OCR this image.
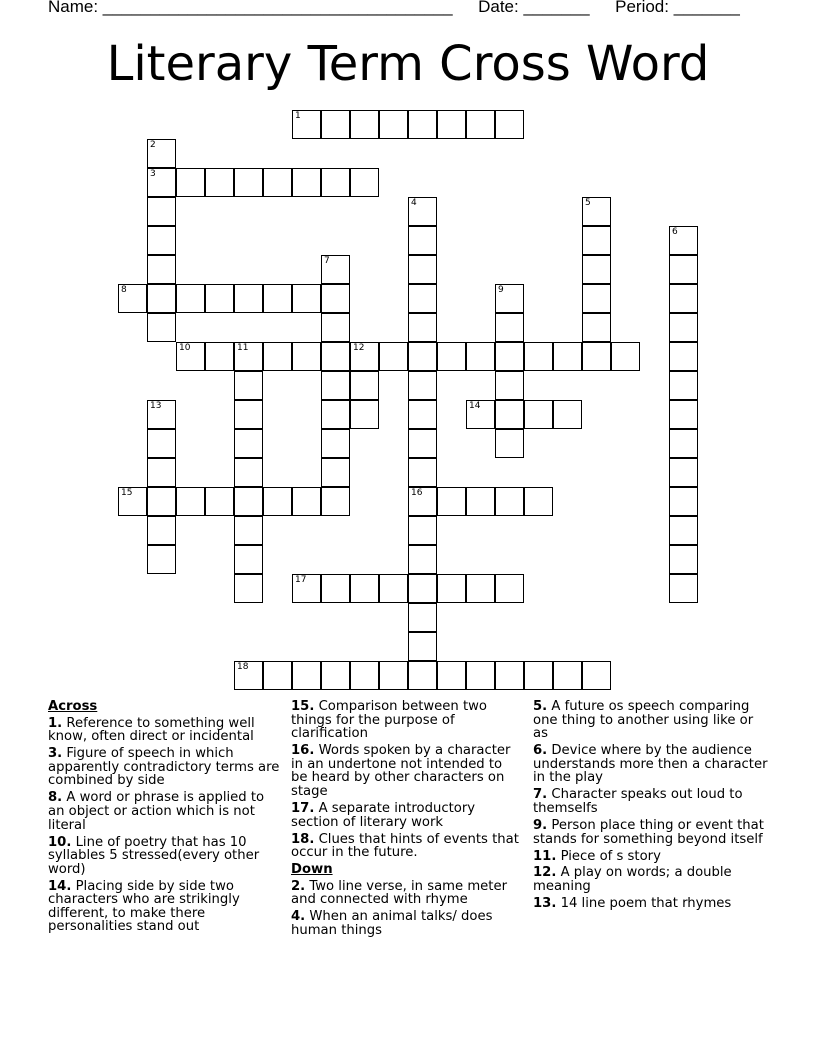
Name: _____________________________________ Date: _______ Period: _______
Literary Term Cross Word
1
2
3
4	5
6
7
8	9
10	11	12
13	14
15	16
17
18
Across
1. Reference to something well know, often direct or incidental
3. Figure of speech in which apparently contradictory terms are combined by side
8. A word or phrase is applied to an object or action which is not literal
10. Line of poetry that has 10 syllables 5 stressed(every other word)
14. Placing side by side two characters who are strikingly different, to make there personalities stand out
15. Comparison between two things for the purpose of clarification
16. Words spoken by a character in an undertone not intended to be heard by other characters on stage
17. A separate introductory section of literary work
18. Clues that hints of events that occur in the future.
Down
2. Two line verse, in same meter and connected with rhyme
4. When an animal talks/ does human things
5. A future os speech comparing one thing to another using like or as
6. Device where by the audience understands more then a character in the play
7. Character speaks out loud to themselfs
9. Person place thing or event that stands for something beyond itself
11. Piece of s story
12. A play on words; a double meaning
13. 14 line poem that rhymes
